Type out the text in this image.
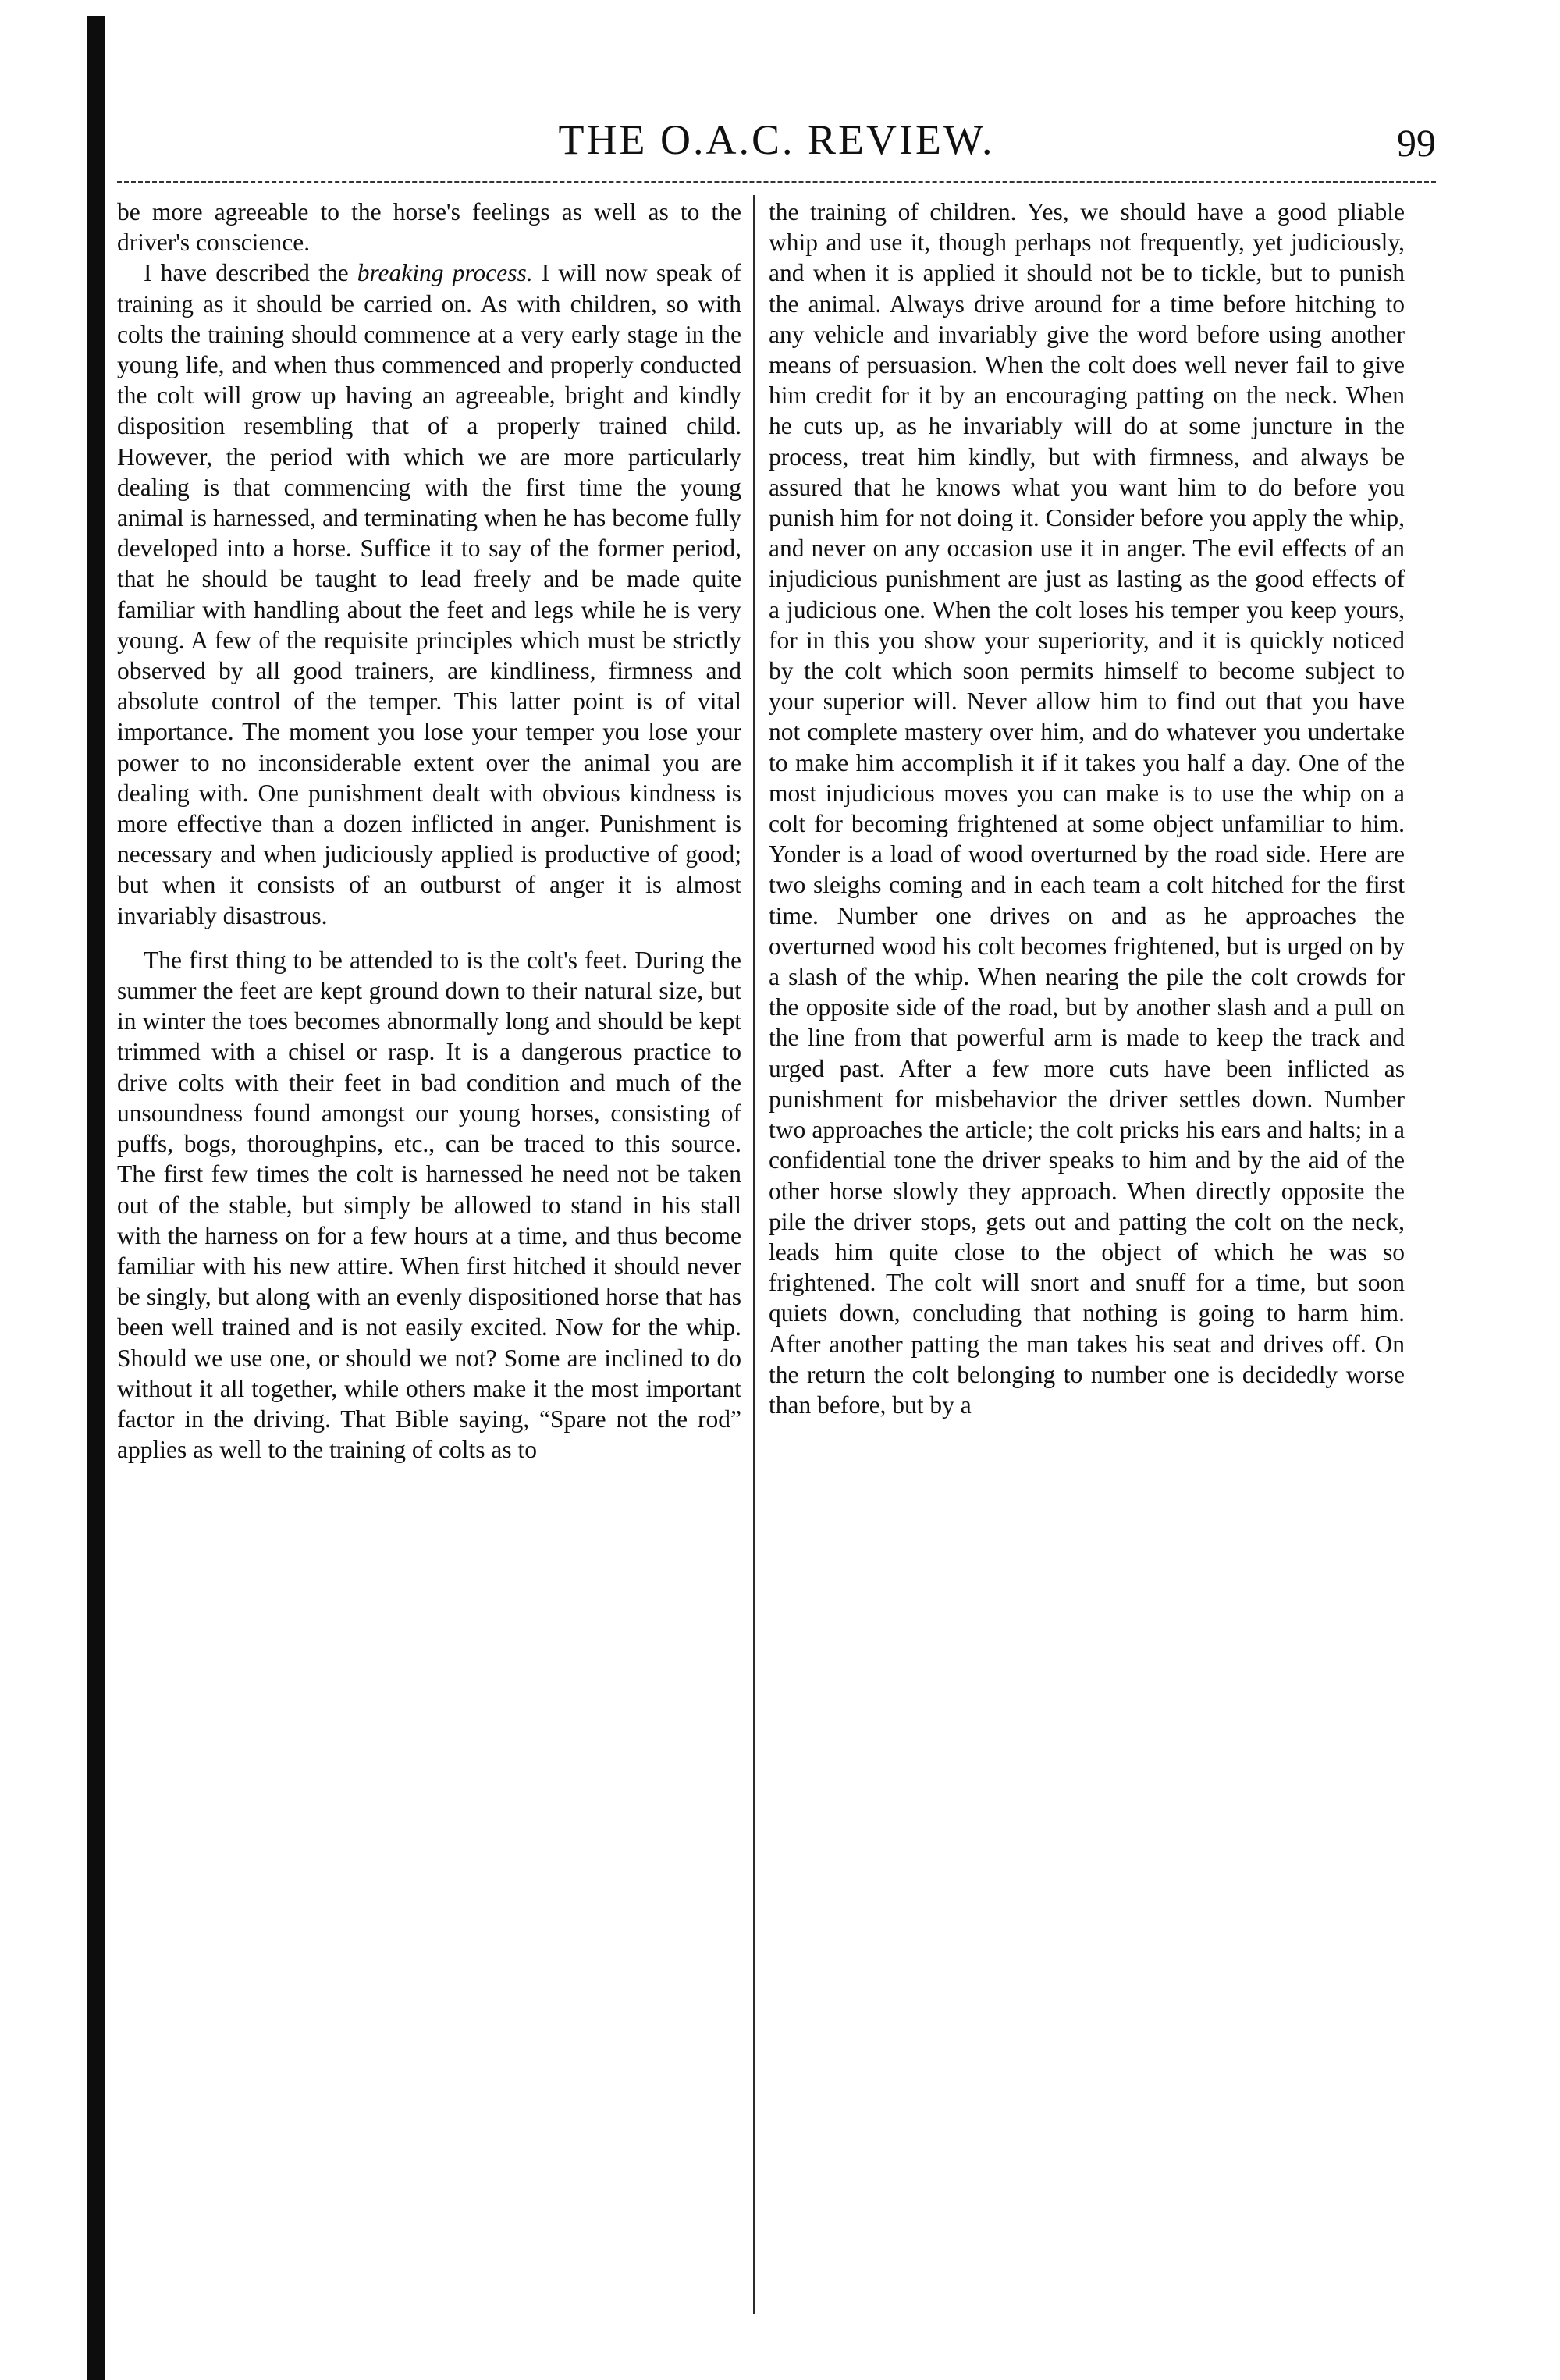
THE O.A.C. REVIEW.	99

be more agreeable to the horse's feelings as well as to the driver's conscience.

I have described the breaking process. I will now speak of training as it should be carried on. As with children, so with colts the training should commence at a very early stage in the young life, and when thus commenced and properly conducted the colt will grow up having an agreeable, bright and kindly disposition resembling that of a properly trained child. However, the period with which we are more particularly dealing is that commencing with the first time the young animal is harnessed, and terminating when he has become fully developed into a horse. Suffice it to say of the former period, that he should be taught to lead freely and be made quite familiar with handling about the feet and legs while he is very young. A few of the requisite principles which must be strictly observed by all good trainers, are kindliness, firmness and absolute control of the temper. This latter point is of vital importance. The moment you lose your temper you lose your power to no inconsiderable extent over the animal you are dealing with. One punishment dealt with obvious kindness is more effective than a dozen inflicted in anger. Punishment is necessary and when judiciously applied is productive of good; but when it consists of an outburst of anger it is almost invariably disastrous.

The first thing to be attended to is the colt's feet. During the summer the feet are kept ground down to their natural size, but in winter the toes becomes abnormally long and should be kept trimmed with a chisel or rasp. It is a dangerous practice to drive colts with their feet in bad condition and much of the unsoundness found amongst our young horses, consisting of puffs, bogs, thoroughpins, etc., can be traced to this source. The first few times the colt is harnessed he need not be taken out of the stable, but simply be allowed to stand in his stall with the harness on for a few hours at a time, and thus become familiar with his new attire. When first hitched it should never be singly, but along with an evenly dispositioned horse that has been well trained and is not easily excited. Now for the whip. Should we use one, or should we not? Some are inclined to do without it all together, while others make it the most important factor in the driving. That Bible saying, “Spare not the rod” applies as well to the training of colts as to

the training of children. Yes, we should have a good pliable whip and use it, though perhaps not frequently, yet judiciously, and when it is applied it should not be to tickle, but to punish the animal. Always drive around for a time before hitching to any vehicle and invariably give the word before using another means of persuasion. When the colt does well never fail to give him credit for it by an encouraging patting on the neck. When he cuts up, as he invariably will do at some juncture in the process, treat him kindly, but with firmness, and always be assured that he knows what you want him to do before you punish him for not doing it. Consider before you apply the whip, and never on any occasion use it in anger. The evil effects of an injudicious punishment are just as lasting as the good effects of a judicious one. When the colt loses his temper you keep yours, for in this you show your superiority, and it is quickly noticed by the colt which soon permits himself to become subject to your superior will. Never allow him to find out that you have not complete mastery over him, and do whatever you undertake to make him accomplish it if it takes you half a day. One of the most injudicious moves you can make is to use the whip on a colt for becoming frightened at some object unfamiliar to him. Yonder is a load of wood overturned by the road side. Here are two sleighs coming and in each team a colt hitched for the first time. Number one drives on and as he approaches the overturned wood his colt becomes frightened, but is urged on by a slash of the whip. When nearing the pile the colt crowds for the opposite side of the road, but by another slash and a pull on the line from that powerful arm is made to keep the track and urged past. After a few more cuts have been inflicted as punishment for misbehavior the driver settles down. Number two approaches the article; the colt pricks his ears and halts; in a confidential tone the driver speaks to him and by the aid of the other horse slowly they approach. When directly opposite the pile the driver stops, gets out and patting the colt on the neck, leads him quite close to the object of which he was so frightened. The colt will snort and snuff for a time, but soon quiets down, concluding that nothing is going to harm him. After another patting the man takes his seat and drives off. On the return the colt belonging to number one is decidedly worse than before, but by a
